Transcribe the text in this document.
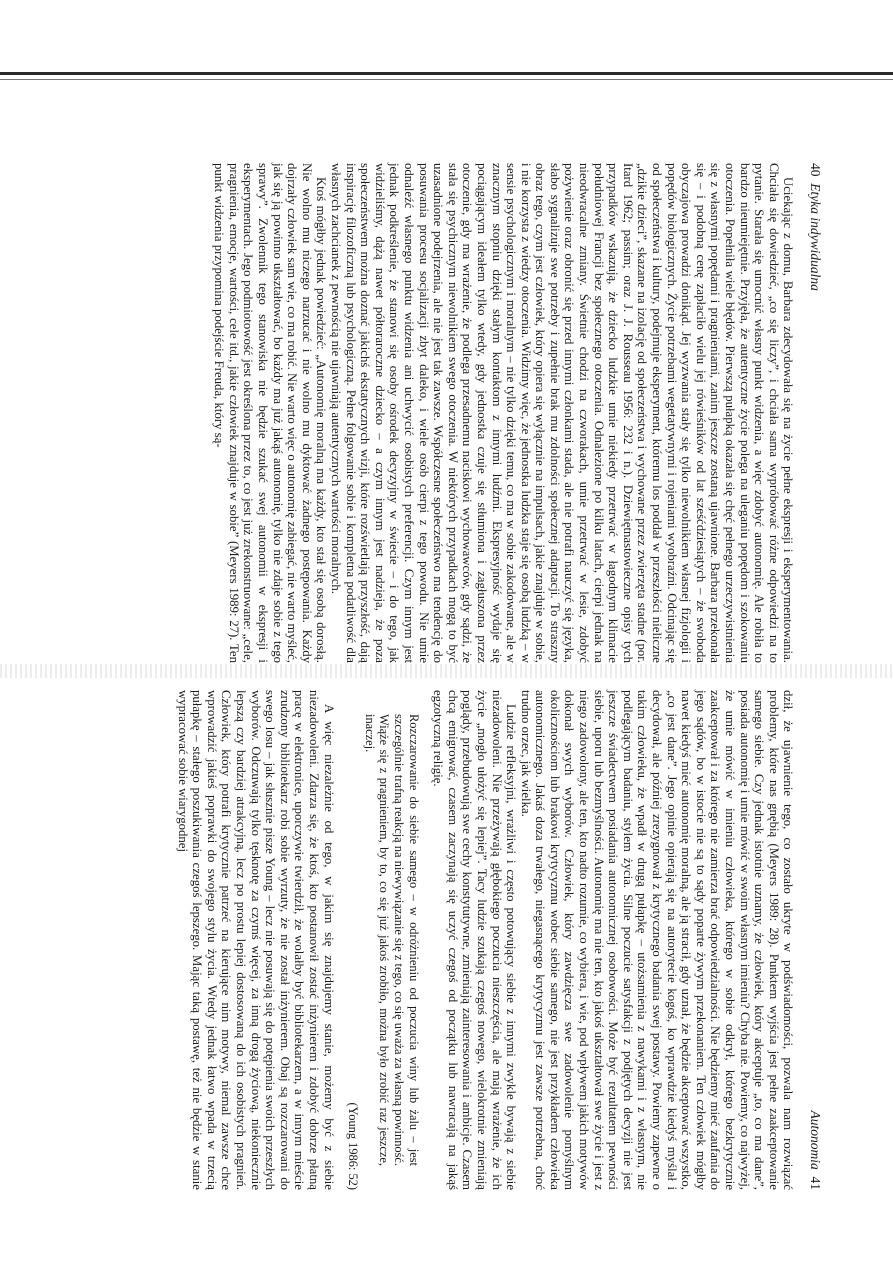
40  Etyka indywidualna

Uciekając z domu, Barbara zdecydowała się na życie pełne ekspresji i eksperymentowania. Chciała się dowiedzieć, „co się liczy”, i chciała sama wypróbować różne odpowiedzi na to pytanie. Starała się umocnić własny punkt widzenia, a więc zdobyć autonomię. Ale robiła to bardzo nieumiejętnie. Przyjęła, że autentyczne życie polega na uleganiu popędom i szokowaniu otoczenia. Popełniła wiele błędów. Pierwszą pułapką okazała się chęć pełnego urzeczywistnienia się z własnymi popędami i pragnieniami, zanim jeszcze zostaną ujawnione. Barbara przekonała się – i podobną cenę zapłaciło wielu jej rówieśników od lat sześćdziesiątych – że swoboda obyczajowa prowadzi donikąd. Jej wyzwania stały się tylko niewolnikiem własnej fizjologii i popędów biologicznych. Życie potrzebami wegetatywnymi i rojeniami wyobraźni. Odcinając się od społeczeństwa i kultury, podejmuje eksperyment, któremu los poddał w przeszłości nieliczne „dzikie dzieci”, skazane na izolację od społeczeństwa i wychowane przez zwierzęta stadne (por. Itard 1962; passim; oraz J. J. Rousseau 1956: 232 i n.). Dziewiętnastowieczne opisy tych przypadków wskazują, że dziecko ludzkie umie niekiedy przetrwać w łagodnym klimacie południowej Francji bez społecznego otoczenia. Odnalezione po kilku latach, cierpi jednak na nieodwracalne zmiany. Świetnie chodzi na czworakach, umie przetrwać w lesie, zdobyć pożywienie oraz obronić się przed innymi członkami stada, ale nie potrafi nauczyć się języka, słabo sygnalizuje swe potrzeby i zupełnie brak mu zdolności społecznej adaptacji. To straszny obraz tego, czym jest człowiek, który opiera się wyłącznie na impulsach, jakie znajduje w sobie, i nie korzysta z wiedzy otoczenia. Widzimy więc, że jednostka ludzka staje się osobą ludzką – w sensie psychologicznym i moralnym – nie tylko dzięki temu, co ma w sobie zakodowane, ale w znacznym stopniu dzięki stałym kontaktom z innymi ludźmi. Ekspresyjność wydaje się pociągającym ideałem tylko wtedy, gdy jednostka czuje się stłumiona i zagłuszona przez otoczenie, gdy ma wrażenie, że podlega przesadnemu naciskowi wychowawców, gdy sądzi, że stała się psychicznym niewolnikiem swego otoczenia. W niektórych przypadkach mogą to być uzasadnione podejrzenia, ale nie jest tak zawsze. Współczesne społeczeństwo ma tendencję do posuwania procesu socjalizacji zbyt daleko, i wiele osób cierpi z tego powodu. Nie umie odnaleźć własnego punktu widzenia ani uchwycić osobistych preferencji. Czym innym jest jednak podkreślenie, że stanowi się osoby ośrodek decyzyjny w świecie – i do tego, jak widzieliśmy, dążą nawet półtoraroczne dziecko – a czym innym jest nadzieja, że poza społeczeństwem można doznać jakichś ekstatycznych wizji, które rozświetlają przyszłość, dają inspirację filozoficzną lub psychologiczną. Pełne folgowanie sobie i kompletna podatliwość dla własnych zachcianek z pewnością nie ujawniają autentycznych wartości moralnych.

Ktoś mógłby jednak powiedzieć: „Autonomię moralną ma każdy, kto stał się osobą dorosłą. Nie wolno mu niczego narzucać i nie wolno mu dyktować żadnego postępowania. Każdy dojrzały człowiek sam wie, co ma robić. Nie warto więc o autonomię zabiegać, nie warto myśleć, jak się ją powinno ukształtować, bo każdy ma już jakąś autonomię, tylko nie zdaje sobie z tego sprawy”. Zwolennik tego stanowiska nie będzie szukać swej autonomii w ekspresji i eksperymentach. Jego podmiotowość jest określona przez to, co jest już zrekonstruowane: „cele, pragnienia, emocje, wartości, cele itd., jakie człowiek znajduje w sobie” (Meyers 1989: 27). Ten punkt widzenia przypomina podejście Freuda, który są-

Autonomia  41

dził, że ujawnienie tego, co zostało ukryte w podświadomości, pozwala nam rozwiązać problemy, które nas gnębią (Meyers 1989: 28). Punktem wyjścia jest pełne zaakceptowanie samego siebie. Czy jednak istotnie uznamy, że człowiek, który akceptuje „to, co ma dane”, posiada autonomię i umie mówić w swoim własnym imieniu? Chyba nie. Powiemy, co najwyżej, że umie mówić w imieniu człowieka, którego w sobie odkrył, którego bezkrytycznie zaakceptował i za którego nie zamierza brać odpowiedzialności. Nie będziemy mieć zaufania do jego sądów, bo w istocie nie są to sądy poparte żywym przekonaniem. Ten człowiek mógłby nawet kiedyś mieć autonomię moralną, ale ją stracił, gdy uznał, że będzie akceptować wszystko, „co jest dane”. Jego opinie opierają się na autorytecie kogoś, ko wprawdzie kiedyś myślał i decydował, ale później zrezygnował z krytycznego badania swej postawy. Powiemy zapewne o takim człowieku, że wpadł w drugą pułapkę – utożsamienia z nawykami i z własnym, nie podlegającym badaniu, stylem życia. Silne poczucie satysfakcji z podjętych decyzji nie jest jeszcze świadectwem posiadania autonomicznej osobowości. Może być rezultatem pewności siebie, uporu lub bezmyślności. Autonomię ma nie ten, kto jakoś ukształtował swe życie i jest z niego zadowolony, ale ten, kto nadto rozumie, co wybiera, i wie, pod wpływem jakich motywów dokonał swych wyborów. Człowiek, który zawdzięcza swe zadowolenie pomyślnym okolicznościom lub brakowi krytycyzmu wobec siebie samego, nie jest przykładem człowieka autonomicznego. Jakaś doza trwałego, niegasnącego krytycyzmu jest zawsze potrzebna, choć trudno orzec, jak wielka.

Ludzie refleksyjni, wrażliwi i często potowujący siebie z innymi zwykle bywają z siebie niezadowoleni. Nie przeżywają głębokiego poczucia nieszczęścia, ale mają wrażenie, że ich życie „mogło ułożyć się lepiej”. Tacy ludzie szukają czegoś nowego, wielokrotnie zmieniają poglądy, przebudowują swe cechy konstytutywne, zmieniają zainteresowania i ambicje. Czasem chcą emigrować, czasem zaczynają się uczyć czegoś od początku lub nawracają na jakąś egzotyczną religię.

Rozczarowanie do siebie samego – w odróżnieniu od poczucia winy lub żalu – jest szczególnie trafną reakcją na niewywiązanie się z tego, co się uważa za własną powinność. Wiąże się z pragnieniem, by to, co się już jakoś zrobiło, można było zrobić raz jeszcze, inaczej.

(Young 1986: 52)

A więc niezależnie od tego, w jakim się znajdujemy stanie, możemy być z siebie niezadowoleni. Zdarza się, że ktoś, kto postanowił zostać inżynierem i zdobyć dobrze płatną pracę w elektronice, uporczywie twierdził, że wolałby być bibliotekarzem, a w innym mieście zrudzony bibliotekarz robi sobie wyrzuty, że nie został inżynierem. Obaj są rozczarowani do swego losu – jak słusznie pisze Young – lecz nie posuwają się do potępienia swoich przeszłych wyborów. Odczuwają tylko tęsknotę za czymś więcej, za inną drogą życiową, niekoniecznie lepszą czy bardziej atrakcyjną, lecz po prostu lepiej dostosowaną do ich osobistych pragnień. Człowiek, który potrafi krytycznie patrzeć na kierujące nim motywy, niemal zawsze chce wprowadzić jakieś poprawki do swojego stylu życia. Wtedy jednak łatwo wpada w trzecią pułapkę – stałego poszukiwania czegoś lepszego. Mając taką postawę, też nie będzie w stanie wypracować sobie wiarygodnej
